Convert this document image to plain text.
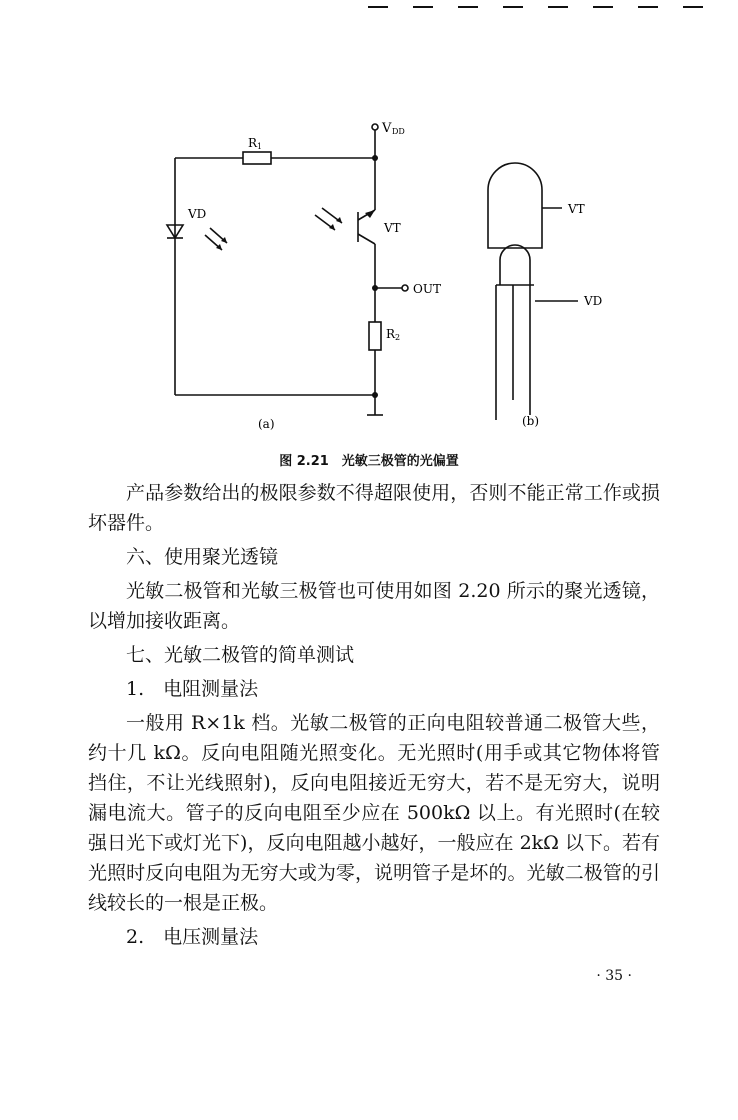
V DD
R 1
VD
VT
OUT
R 2
(a)
VT
VD
(b)
图 2.21　光敏三极管的光偏置

产品参数给出的极限参数不得超限使用，否则不能正常工作或损坏器件。

六、使用聚光透镜

光敏二极管和光敏三极管也可使用如图 2.20 所示的聚光透镜，以增加接收距离。

七、光敏二极管的简单测试

1.　电阻测量法

一般用 R×1k 档。光敏二极管的正向电阻较普通二极管大些，约十几 kΩ。反向电阻随光照变化。无光照时(用手或其它物体将管挡住，不让光线照射)，反向电阻接近无穷大，若不是无穷大，说明漏电流大。管子的反向电阻至少应在 500kΩ 以上。有光照时(在较强日光下或灯光下)，反向电阻越小越好，一般应在 2kΩ 以下。若有光照时反向电阻为无穷大或为零，说明管子是坏的。光敏二极管的引线较长的一根是正极。

2.　电压测量法

· 35 ·
